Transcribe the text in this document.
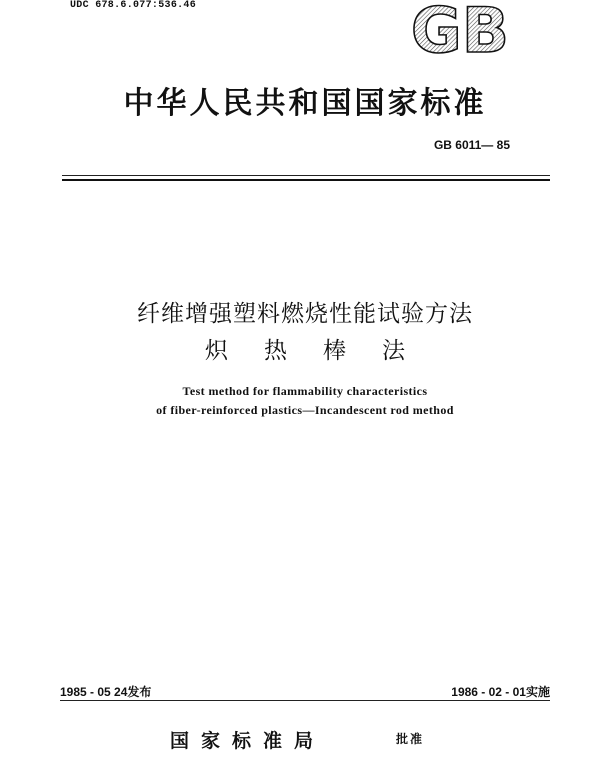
UDC 678.6.077:536.46	GB
中华人民共和国国家标准
GB 6011— 85
纤维增强塑料燃烧性能试验方法
炽 热 棒 法
Test method for flammability characteristics
of fiber-reinforced plastics—Incandescent rod method
1985 - 05 24发布	1986 - 02 - 01实施
国家标准局	批准
